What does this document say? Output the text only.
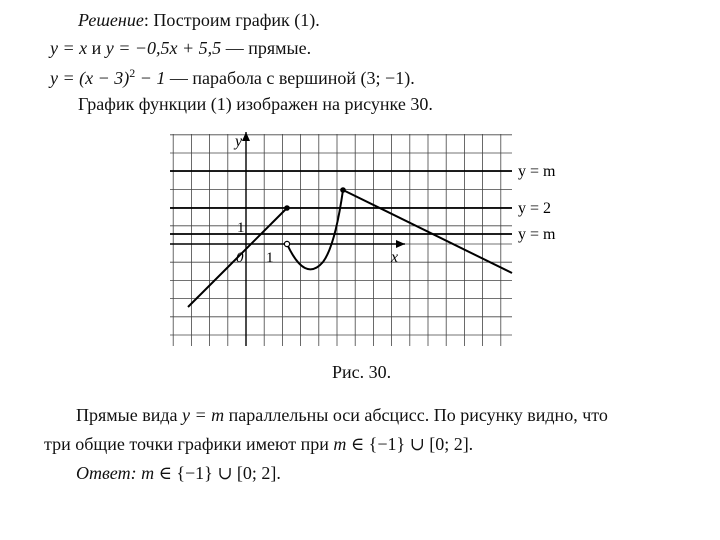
Решение: Построим график (1).
y = x и y = −0,5x + 5,5 — прямые.
$y = (x - 3)^2 - 1$ — парабола с вершиной (3; −1).
График функции (1) изображен на рисунке 30.
y
x
0 1
1
y = m
y = 2
y = m
Рис. 30.
Прямые вида y = m параллельны оси абсцисс. По рисунку видно, что
три общие точки графики имеют при m ∈ {−1} ∪ [0; 2].
Ответ: m ∈ {−1} ∪ [0; 2].
